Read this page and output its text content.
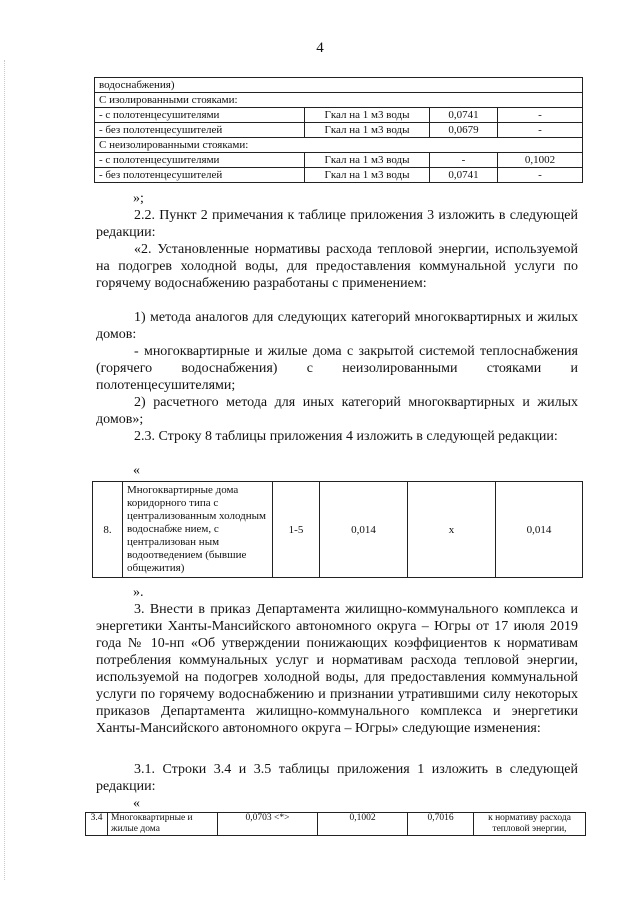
4
водоснабжения)			
С изолированными стояками:			
- с полотенцесушителями	Гкал на 1 м3 воды	0,0741	-
- без полотенцесушителей	Гкал на 1 м3 воды	0,0679	-
С неизолированными стояками:			
- с полотенцесушителями	Гкал на 1 м3 воды	-	0,1002
- без полотенцесушителей	Гкал на 1 м3 воды	0,0741	-
»;
2.2. Пункт 2 примечания к таблице приложения 3 изложить в следующей редакции:
«2. Установленные нормативы расхода тепловой энергии, используемой на подогрев холодной воды, для предоставления коммунальной услуги по горячему водоснабжению разработаны с применением:
1) метода аналогов для следующих категорий многоквартирных и жилых домов:
- многоквартирные и жилые дома с закрытой системой теплоснабжения (горячего водоснабжения) с неизолированными стояками и полотенцесушителями;
2) расчетного метода для иных категорий многоквартирных и жилых домов»;
2.3. Строку 8 таблицы приложения 4 изложить в следующей редакции:
«
8.	Многоквартирные дома коридорного типа с централизованным холодным водоснабже нием, с централизован ным водоотведением (бывшие общежития)	1-5	0,014	х	0,014
».
3. Внести в приказ Департамента жилищно-коммунального комплекса и энергетики Ханты-Мансийского автономного округа – Югры от 17 июля 2019 года № 10-нп «Об утверждении понижающих коэффициентов к нормативам потребления коммунальных услуг и нормативам расхода тепловой энергии, используемой на подогрев холодной воды, для предоставления коммунальной услуги по горячему водоснабжению и признании утратившими силу некоторых приказов Департамента жилищно-коммунального комплекса и энергетики Ханты-Мансийского автономного округа – Югры» следующие изменения:
3.1. Строки 3.4 и 3.5 таблицы приложения 1 изложить в следующей редакции:
«
3.4	Многоквартирные и жилые дома	0,0703 <*>	0,1002	0,7016	к нормативу расхода тепловой энергии,
